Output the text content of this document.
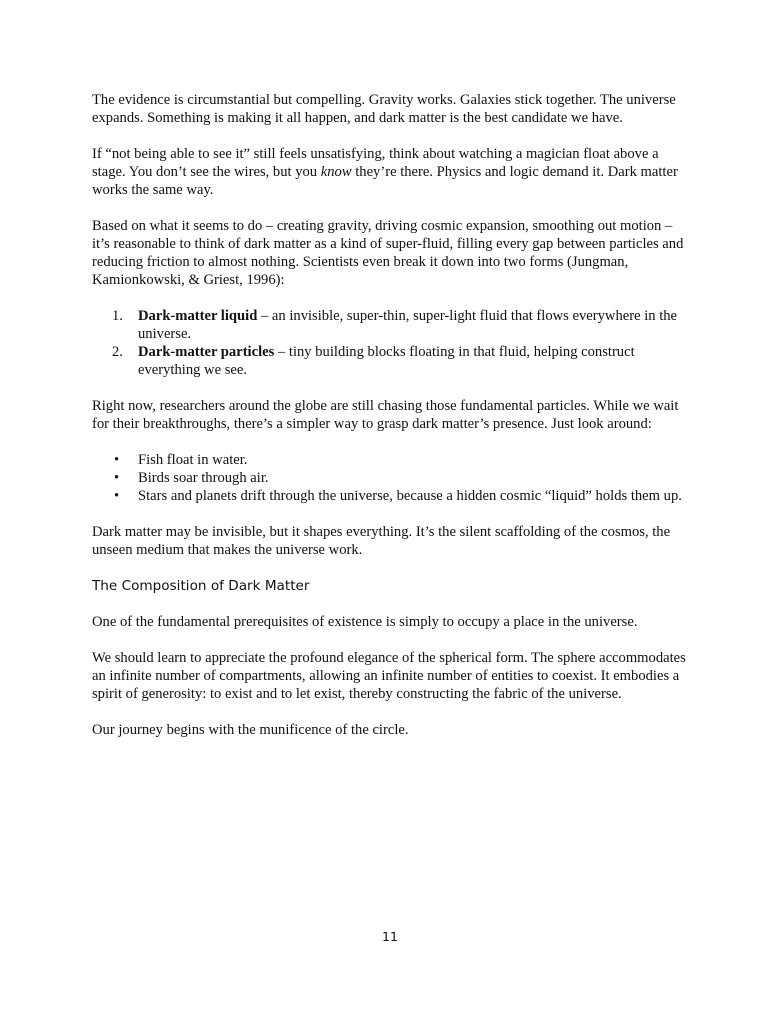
The evidence is circumstantial but compelling. Gravity works. Galaxies stick together. The universe expands. Something is making it all happen, and dark matter is the best candidate we have.

If “not being able to see it” still feels unsatisfying, think about watching a magician float above a stage. You don’t see the wires, but you know they’re there. Physics and logic demand it. Dark matter works the same way.

Based on what it seems to do – creating gravity, driving cosmic expansion, smoothing out motion – it’s reasonable to think of dark matter as a kind of super-fluid, filling every gap between particles and reducing friction to almost nothing. Scientists even break it down into two forms (Jungman, Kamionkowski, & Griest, 1996):

1. Dark-matter liquid – an invisible, super-thin, super-light fluid that flows everywhere in the universe.
2. Dark-matter particles – tiny building blocks floating in that fluid, helping construct everything we see.

Right now, researchers around the globe are still chasing those fundamental particles. While we wait for their breakthroughs, there’s a simpler way to grasp dark matter’s presence. Just look around:

• Fish float in water.
• Birds soar through air.
• Stars and planets drift through the universe, because a hidden cosmic “liquid” holds them up.

Dark matter may be invisible, but it shapes everything. It’s the silent scaffolding of the cosmos, the unseen medium that makes the universe work.

The Composition of Dark Matter

One of the fundamental prerequisites of existence is simply to occupy a place in the universe.

We should learn to appreciate the profound elegance of the spherical form. The sphere accommodates an infinite number of compartments, allowing an infinite number of entities to coexist. It embodies a spirit of generosity: to exist and to let exist, thereby constructing the fabric of the universe.

Our journey begins with the munificence of the circle.

11
